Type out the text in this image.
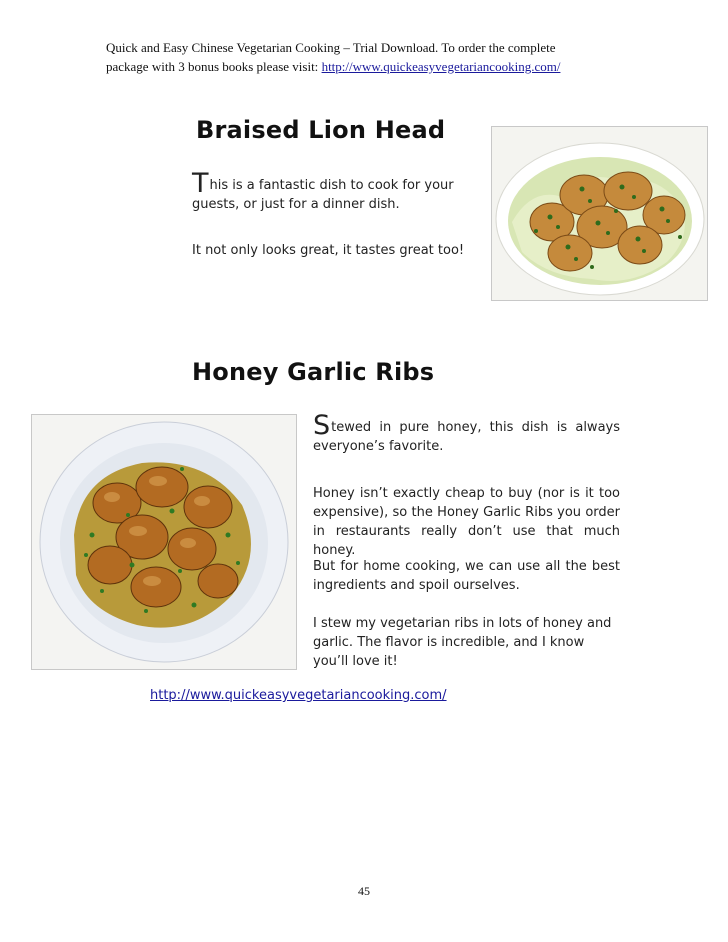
Quick and Easy Chinese Vegetarian Cooking – Trial Download. To order the complete
package with 3 bonus books please visit: http://www.quickeasyvegetariancooking.com/
Braised Lion Head
This is a fantastic dish to cook for your guests, or just for a dinner dish.
It not only looks great, it tastes great too!
Honey Garlic Ribs
Stewed in pure honey, this dish is always everyone’s favorite.
Honey isn’t exactly cheap to buy (nor is it too expensive), so the Honey Garlic Ribs you order in restaurants really don’t use that much honey.
But for home cooking, we can use all the best ingredients and spoil ourselves.
I stew my vegetarian ribs in lots of honey and garlic. The flavor is incredible, and I know you’ll love it!
http://www.quickeasyvegetariancooking.com/
45
